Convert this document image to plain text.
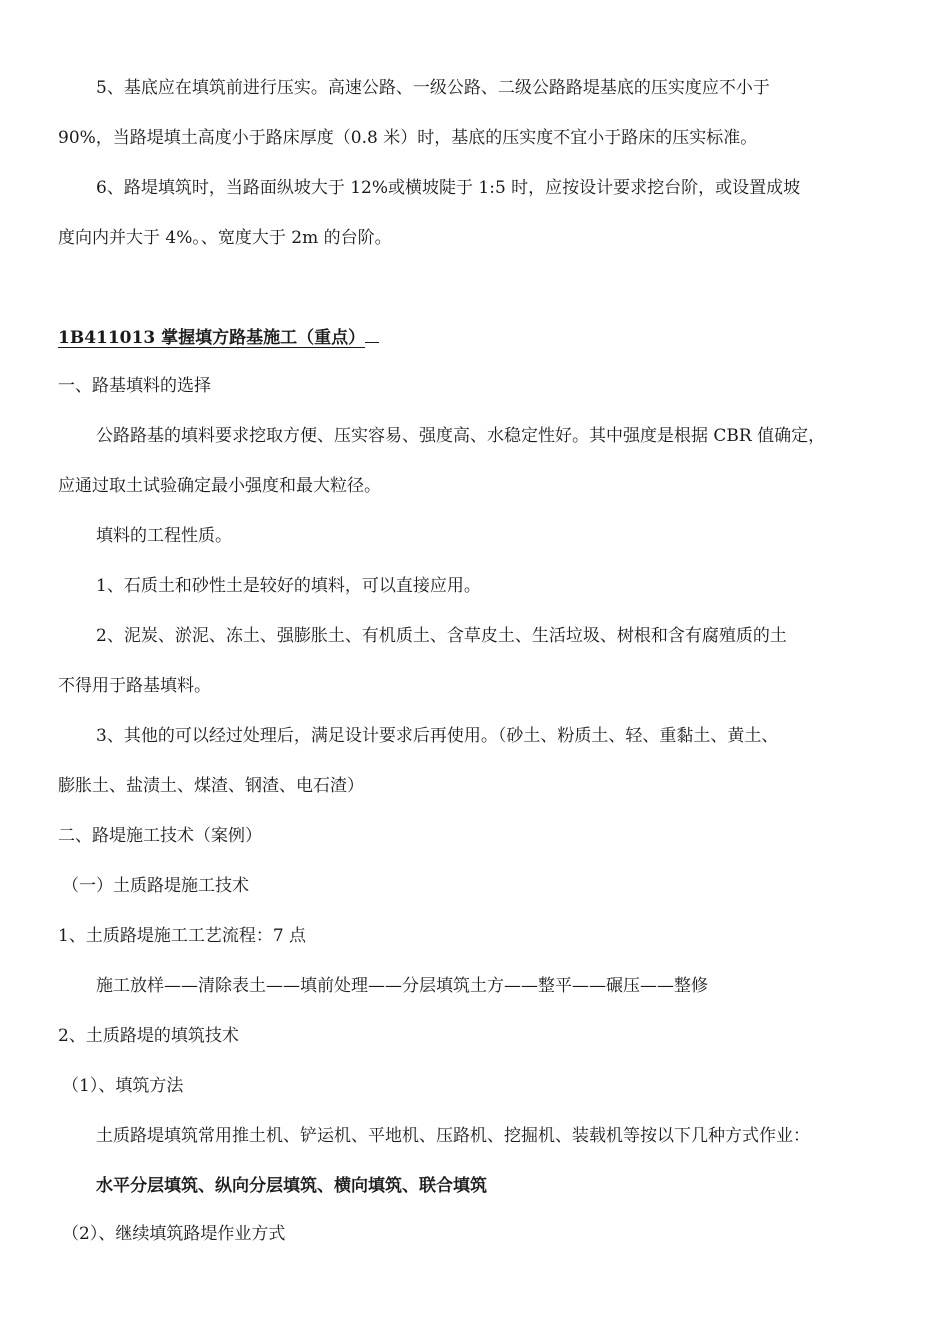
5、基底应在填筑前进行压实。高速公路、一级公路、二级公路路堤基底的压实度应不小于
90%，当路堤填土高度小于路床厚度（0.8 米）时，基底的压实度不宜小于路床的压实标准。
6、路堤填筑时，当路面纵坡大于 12%或横坡陡于 1:5 时，应按设计要求挖台阶，或设置成坡
度向内并大于 4%。、宽度大于 2m 的台阶。
1B411013 掌握填方路基施工（重点）
一、路基填料的选择
公路路基的填料要求挖取方便、压实容易、强度高、水稳定性好。其中强度是根据 CBR 值确定，
应通过取土试验确定最小强度和最大粒径。
填料的工程性质。
1、石质土和砂性土是较好的填料，可以直接应用。
2、泥炭、淤泥、冻土、强膨胀土、有机质土、含草皮土、生活垃圾、树根和含有腐殖质的土
不得用于路基填料。
3、其他的可以经过处理后，满足设计要求后再使用。（砂土、粉质土、轻、重黏土、黄土、
膨胀土、盐渍土、煤渣、钢渣、电石渣）
二、路堤施工技术（案例）
（一）土质路堤施工技术
1、土质路堤施工工艺流程：7 点
施工放样——清除表土——填前处理——分层填筑土方——整平——碾压——整修
2、土质路堤的填筑技术
（1）、填筑方法
土质路堤填筑常用推土机、铲运机、平地机、压路机、挖掘机、装载机等按以下几种方式作业：
水平分层填筑、纵向分层填筑、横向填筑、联合填筑
（2）、继续填筑路堤作业方式
